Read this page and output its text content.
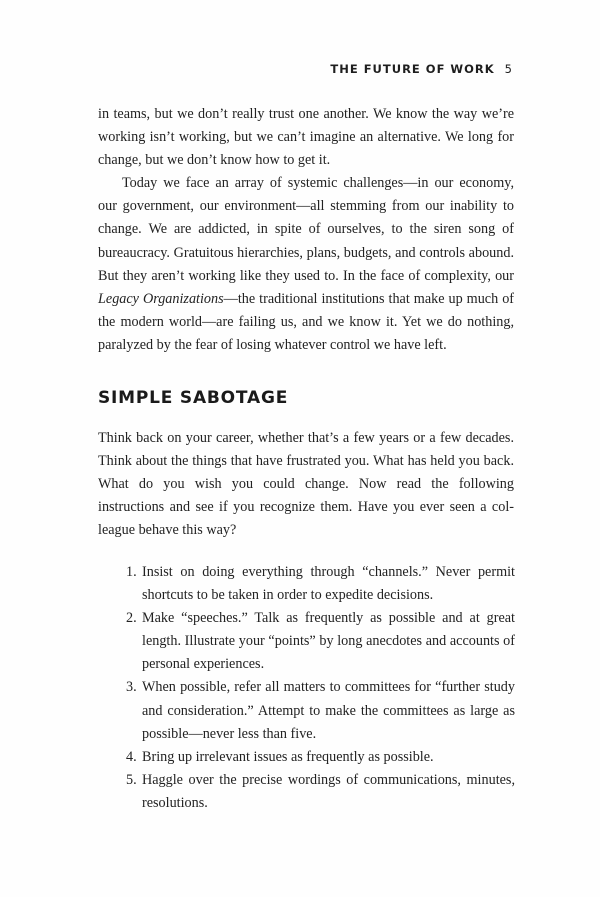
THE FUTURE OF WORK 5

in teams, but we don’t really trust one another. We know the way we’re working isn’t working, but we can’t imagine an alternative. We long for change, but we don’t know how to get it.

Today we face an array of systemic challenges—in our economy, our government, our environment—all stemming from our inability to change. We are addicted, in spite of ourselves, to the siren song of bureaucracy. Gratuitous hierarchies, plans, budgets, and controls abound. But they aren’t working like they used to. In the face of complexity, our Legacy Organizations—the traditional institutions that make up much of the modern world—are failing us, and we know it. Yet we do nothing, paralyzed by the fear of losing whatever control we have left.

SIMPLE SABOTAGE

Think back on your career, whether that’s a few years or a few decades. Think about the things that have frustrated you. What has held you back. What do you wish you could change. Now read the following instructions and see if you recognize them. Have you ever seen a colleague behave this way?

1. Insist on doing everything through “channels.” Never permit shortcuts to be taken in order to expedite decisions.
2. Make “speeches.” Talk as frequently as possible and at great length. Illustrate your “points” by long anecdotes and accounts of personal experiences.
3. When possible, refer all matters to committees for “further study and consideration.” Attempt to make the committees as large as possible—never less than five.
4. Bring up irrelevant issues as frequently as possible.
5. Haggle over the precise wordings of communications, minutes, resolutions.
